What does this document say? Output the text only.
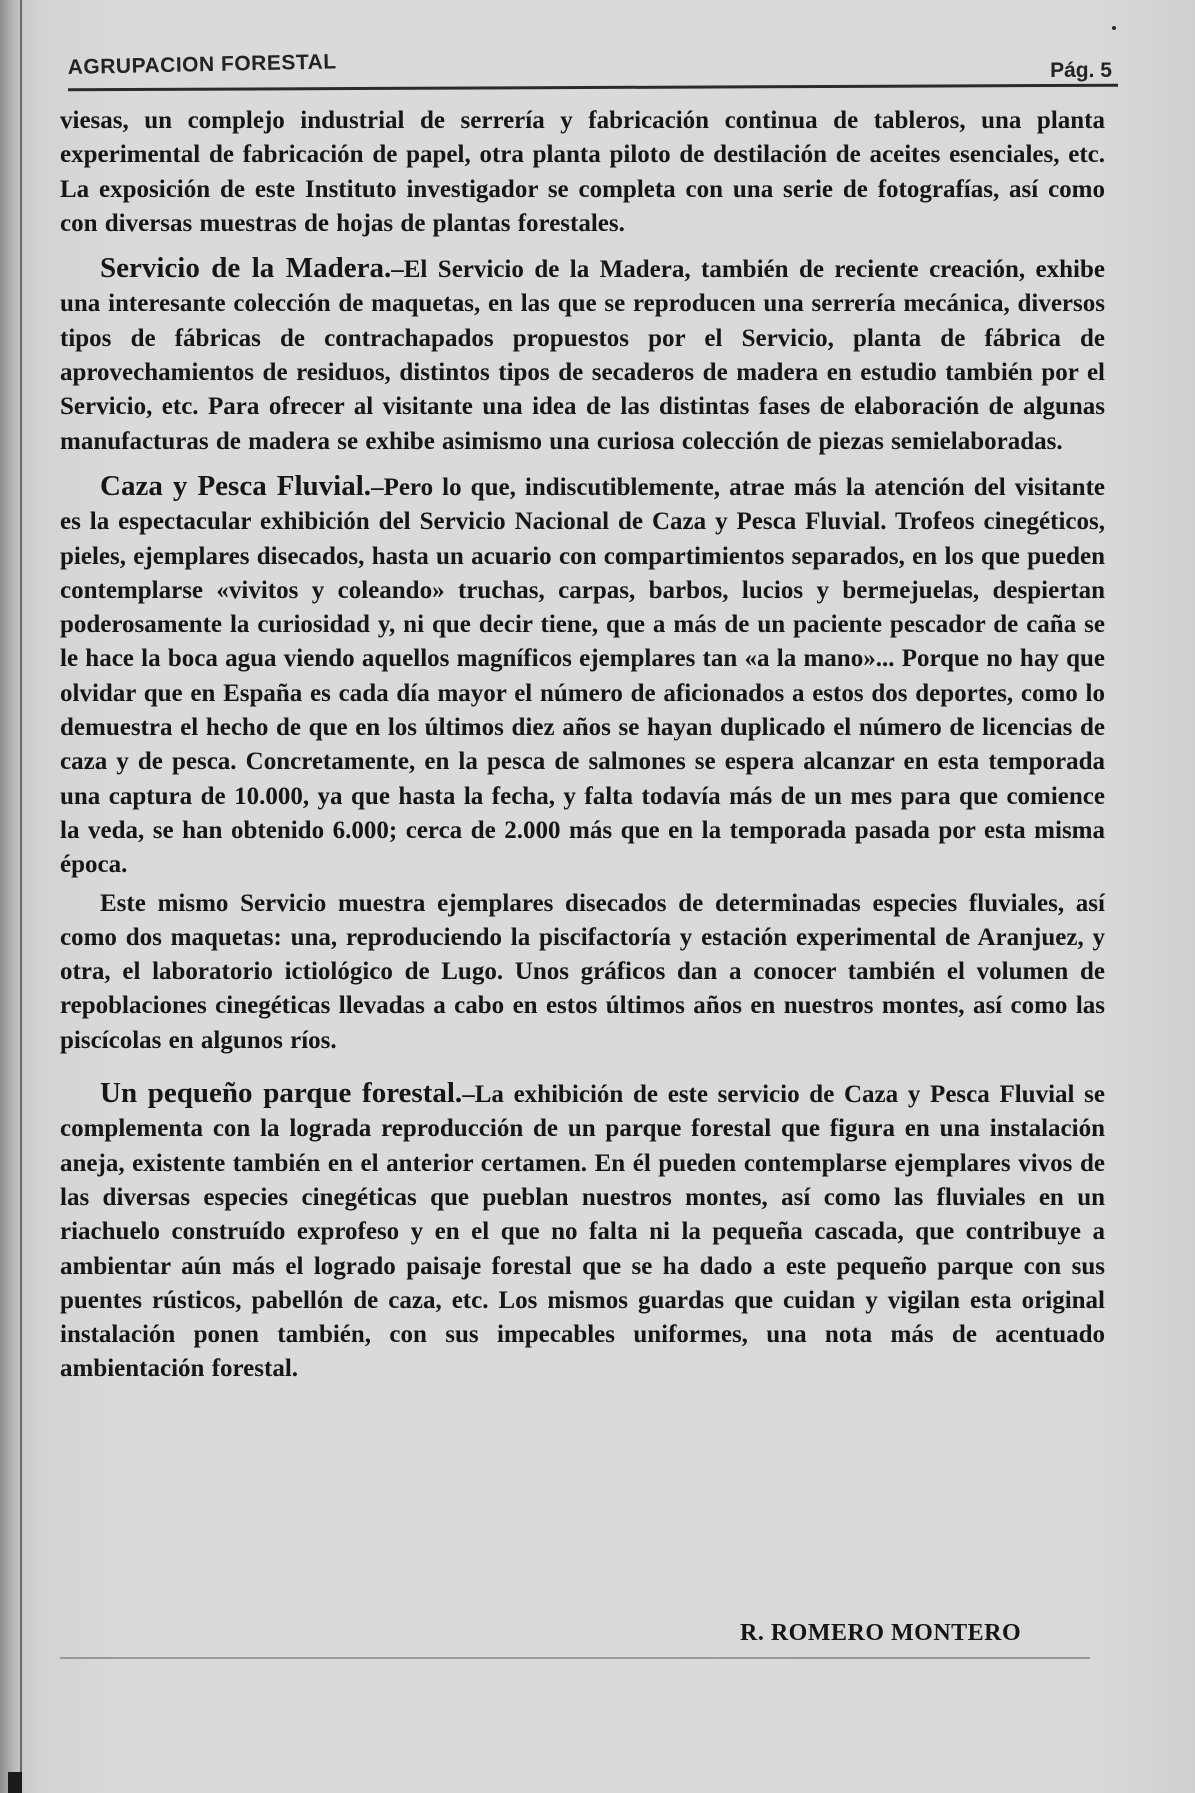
AGRUPACION FORESTAL	Pág. 5

viesas, un complejo industrial de serrería y fabricación continua de tableros, una planta experimental de fabricación de papel, otra planta piloto de destilación de aceites esenciales, etc. La exposición de este Instituto investigador se completa con una serie de fotografías, así como con diversas muestras de hojas de plantas forestales.

Servicio de la Madera.–El Servicio de la Madera, también de reciente creación, exhibe una interesante colección de maquetas, en las que se reproducen una serrería mecánica, diversos tipos de fábricas de contrachapados propuestos por el Servicio, planta de fábrica de aprovechamientos de residuos, distintos tipos de secaderos de madera en estudio también por el Servicio, etc. Para ofrecer al visitante una idea de las distintas fases de elaboración de algunas manufacturas de madera se exhibe asimismo una curiosa colección de piezas semielaboradas.

Caza y Pesca Fluvial.–Pero lo que, indiscutiblemente, atrae más la atención del visitante es la espectacular exhibición del Servicio Nacional de Caza y Pesca Fluvial. Trofeos cinegéticos, pieles, ejemplares disecados, hasta un acuario con compartimientos separados, en los que pueden contemplarse «vivitos y coleando» truchas, carpas, barbos, lucios y bermejuelas, despiertan poderosamente la curiosidad y, ni que decir tiene, que a más de un paciente pescador de caña se le hace la boca agua viendo aquellos magníficos ejemplares tan «a la mano»... Porque no hay que olvidar que en España es cada día mayor el número de aficionados a estos dos deportes, como lo demuestra el hecho de que en los últimos diez años se hayan duplicado el número de licencias de caza y de pesca. Concretamente, en la pesca de salmones se espera alcanzar en esta temporada una captura de 10.000, ya que hasta la fecha, y falta todavía más de un mes para que comience la veda, se han obtenido 6.000; cerca de 2.000 más que en la temporada pasada por esta misma época.

Este mismo Servicio muestra ejemplares disecados de determinadas especies fluviales, así como dos maquetas: una, reproduciendo la piscifactoría y estación experimental de Aranjuez, y otra, el laboratorio ictiológico de Lugo. Unos gráficos dan a conocer también el volumen de repoblaciones cinegéticas llevadas a cabo en estos últimos años en nuestros montes, así como las piscícolas en algunos ríos.

Un pequeño parque forestal.–La exhibición de este servicio de Caza y Pesca Fluvial se complementa con la lograda reproducción de un parque forestal que figura en una instalación aneja, existente también en el anterior certamen. En él pueden contemplarse ejemplares vivos de las diversas especies cinegéticas que pueblan nuestros montes, así como las fluviales en un riachuelo construído exprofeso y en el que no falta ni la pequeña cascada, que contribuye a ambientar aún más el logrado paisaje forestal que se ha dado a este pequeño parque con sus puentes rústicos, pabellón de caza, etc. Los mismos guardas que cuidan y vigilan esta original instalación ponen también, con sus impecables uniformes, una nota más de acentuado ambientación forestal.

R. ROMERO MONTERO
